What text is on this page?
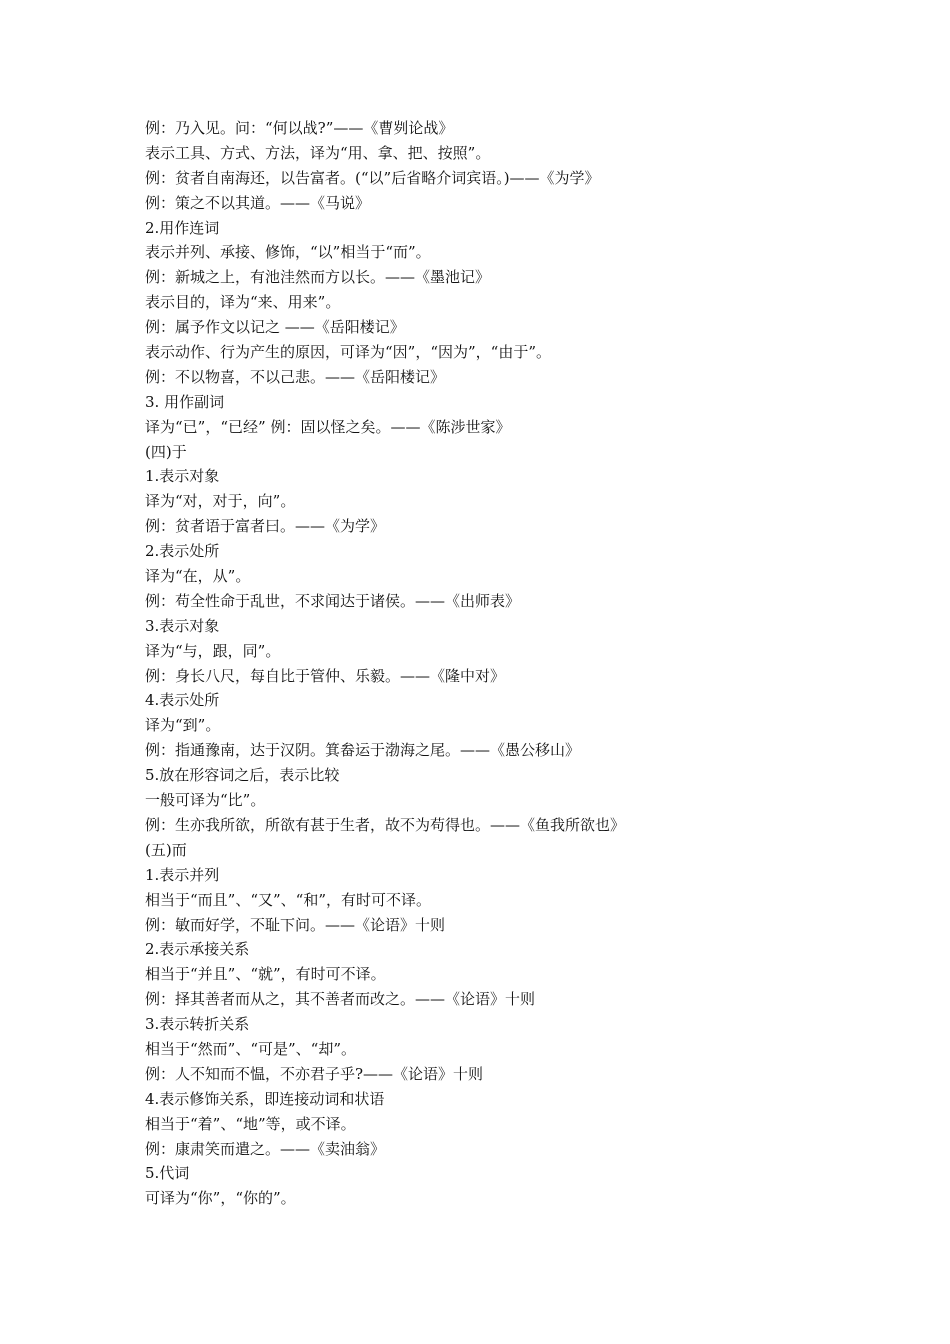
例：乃入见。问：“何以战?”——《曹刿论战》
表示工具、方式、方法，译为“用、拿、把、按照”。
例：贫者自南海还，以告富者。(“以”后省略介词宾语。)——《为学》
例：策之不以其道。——《马说》
2.用作连词
表示并列、承接、修饰，“以”相当于“而”。
例：新城之上，有池洼然而方以长。——《墨池记》
表示目的，译为“来、用来”。
例：属予作文以记之 ——《岳阳楼记》
表示动作、行为产生的原因，可译为“因”，“因为”，“由于”。
例：不以物喜，不以己悲。——《岳阳楼记》
3. 用作副词
译为“已”，“已经” 例：固以怪之矣。——《陈涉世家》
(四)于
1.表示对象
译为“对，对于，向”。
例：贫者语于富者曰。——《为学》
2.表示处所
译为“在，从”。
例：苟全性命于乱世，不求闻达于诸侯。——《出师表》
3.表示对象
译为“与，跟，同”。
例：身长八尺，每自比于管仲、乐毅。——《隆中对》
4.表示处所
译为“到”。
例：指通豫南，达于汉阴。箕畚运于渤海之尾。——《愚公移山》
5.放在形容词之后，表示比较
一般可译为“比”。
例：生亦我所欲，所欲有甚于生者，故不为苟得也。——《鱼我所欲也》
(五)而
1.表示并列
相当于“而且”、“又”、“和”，有时可不译。
例：敏而好学，不耻下问。——《论语》十则
2.表示承接关系
相当于“并且”、“就”，有时可不译。
例：择其善者而从之，其不善者而改之。——《论语》十则
3.表示转折关系
相当于“然而”、“可是”、“却”。
例：人不知而不愠，不亦君子乎?——《论语》十则
4.表示修饰关系，即连接动词和状语
相当于“着”、“地”等，或不译。
例：康肃笑而遣之。——《卖油翁》
5.代词
可译为“你”，“你的”。
